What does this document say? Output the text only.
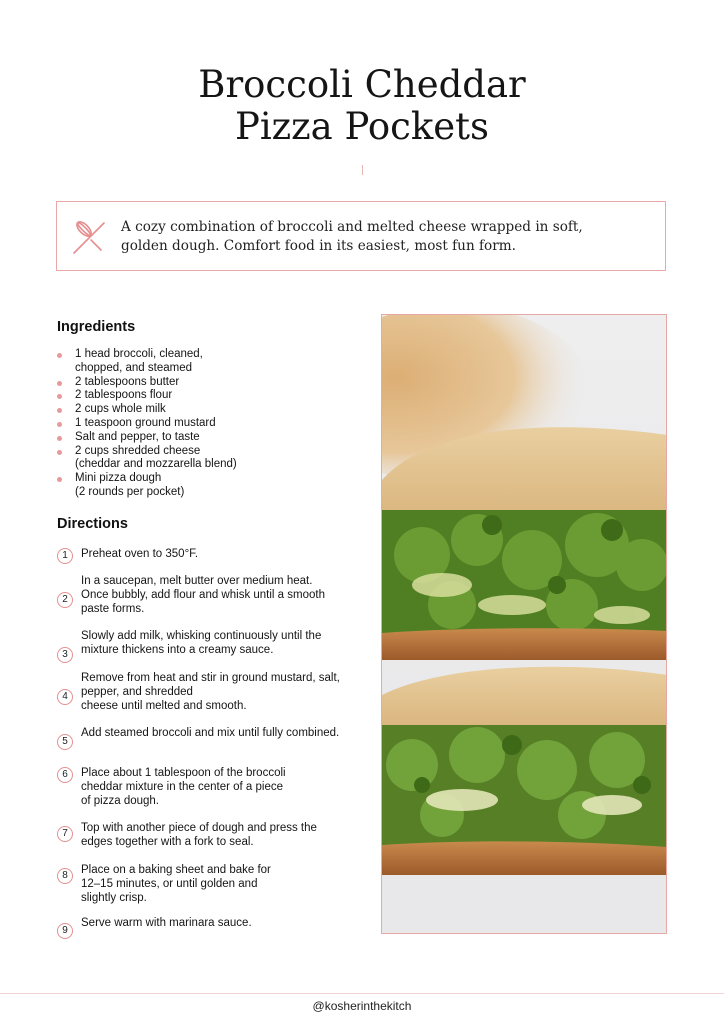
Broccoli Cheddar
Pizza Pockets
A cozy combination of broccoli and melted cheese wrapped in soft,
golden dough. Comfort food in its easiest, most fun form.
Ingredients
1 head broccoli, cleaned,
chopped, and steamed
2 tablespoons butter
2 tablespoons flour
2 cups whole milk
1 teaspoon ground mustard
Salt and pepper, to taste
2 cups shredded cheese
(cheddar and mozzarella blend)
Mini pizza dough
(2 rounds per pocket)
Directions
1	Preheat oven to 350°F.
2
In a saucepan, melt butter over medium heat.
Once bubbly, add flour and whisk until a smooth
paste forms.
3
Slowly add milk, whisking continuously until the
mixture thickens into a creamy sauce.
4
Remove from heat and stir in ground mustard, salt,
pepper, and shredded
cheese until melted and smooth.
5
Add steamed broccoli and mix until fully combined.
6	Place about 1 tablespoon of the broccoli
cheddar mixture in the center of a piece
of pizza dough.
7	Top with another piece of dough and press the
edges together with a fork to seal.
8	Place on a baking sheet and bake for
12–15 minutes, or until golden and
slightly crisp.
9
Serve warm with marinara sauce.
@kosherinthekitch
